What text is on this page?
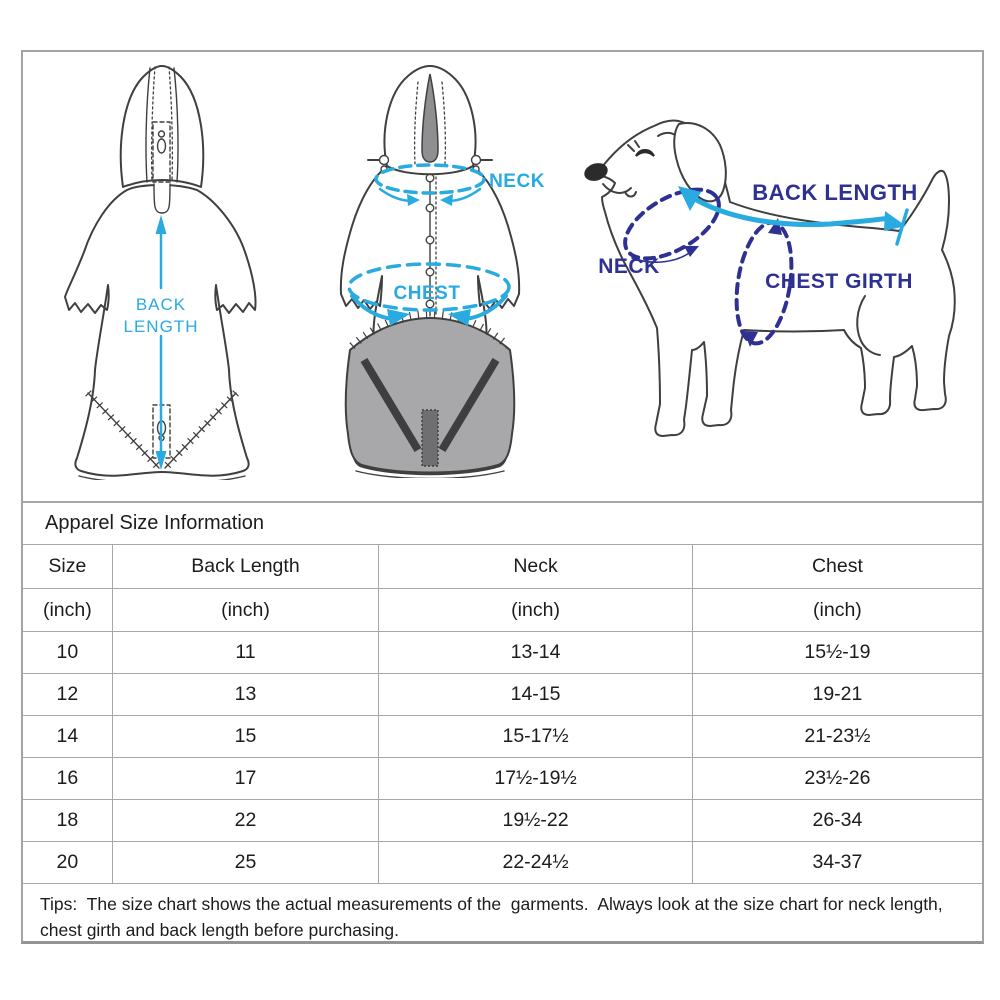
BACK
LENGTH
NECK
CHEST
BACK LENGTH
NECK
CHEST GIRTH
Apparel Size Information			
Size	Back Length	Neck	Chest
(inch)	(inch)	(inch)	(inch)
10	11	13-14	15½-19
12	13	14-15	19-21
14	15	15-17½	21-23½
16	17	17½-19½	23½-26
18	22	19½-22	26-34
20	25	22-24½	34-37
Tips:  The size chart shows the actual measurements of the  garments.  Always look at the size chart for neck length, chest girth and back length before purchasing.			
